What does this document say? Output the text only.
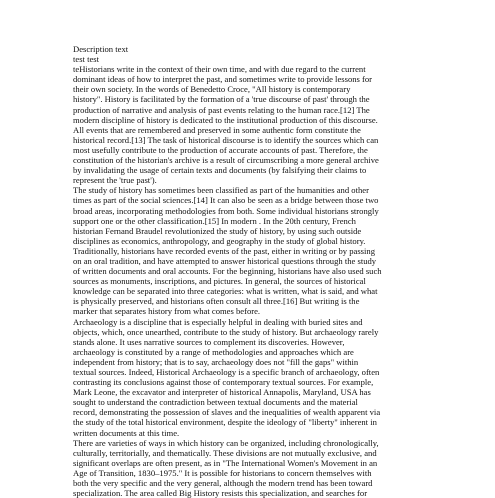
Description text
test test
teHistorians write in the context of their own time, and with due regard to the current
dominant ideas of how to interpret the past, and sometimes write to provide lessons for
their own society. In the words of Benedetto Croce, "All history is contemporary
history". History is facilitated by the formation of a 'true discourse of past' through the
production of narrative and analysis of past events relating to the human race.[12] The
modern discipline of history is dedicated to the institutional production of this discourse.
All events that are remembered and preserved in some authentic form constitute the
historical record.[13] The task of historical discourse is to identify the sources which can
most usefully contribute to the production of accurate accounts of past. Therefore, the
constitution of the historian's archive is a result of circumscribing a more general archive
by invalidating the usage of certain texts and documents (by falsifying their claims to
represent the 'true past').
The study of history has sometimes been classified as part of the humanities and other
times as part of the social sciences.[14] It can also be seen as a bridge between those two
broad areas, incorporating methodologies from both. Some individual historians strongly
support one or the other classification.[15] In modern . In the 20th century, French
historian Fernand Braudel revolutionized the study of history, by using such outside
disciplines as economics, anthropology, and geography in the study of global history.
Traditionally, historians have recorded events of the past, either in writing or by passing
on an oral tradition, and have attempted to answer historical questions through the study
of written documents and oral accounts. For the beginning, historians have also used such
sources as monuments, inscriptions, and pictures. In general, the sources of historical
knowledge can be separated into three categories: what is written, what is said, and what
is physically preserved, and historians often consult all three.[16] But writing is the
marker that separates history from what comes before.
Archaeology is a discipline that is especially helpful in dealing with buried sites and
objects, which, once unearthed, contribute to the study of history. But archaeology rarely
stands alone. It uses narrative sources to complement its discoveries. However,
archaeology is constituted by a range of methodologies and approaches which are
independent from history; that is to say, archaeology does not "fill the gaps" within
textual sources. Indeed, Historical Archaeology is a specific branch of archaeology, often
contrasting its conclusions against those of contemporary textual sources. For example,
Mark Leone, the excavator and interpreter of historical Annapolis, Maryland, USA has
sought to understand the contradiction between textual documents and the material
record, demonstrating the possession of slaves and the inequalities of wealth apparent via
the study of the total historical environment, despite the ideology of "liberty" inherent in
written documents at this time.
There are varieties of ways in which history can be organized, including chronologically,
culturally, territorially, and thematically. These divisions are not mutually exclusive, and
significant overlaps are often present, as in "The International Women's Movement in an
Age of Transition, 1830–1975." It is possible for historians to concern themselves with
both the very specific and the very general, although the modern trend has been toward
specialization. The area called Big History resists this specialization, and searches for
